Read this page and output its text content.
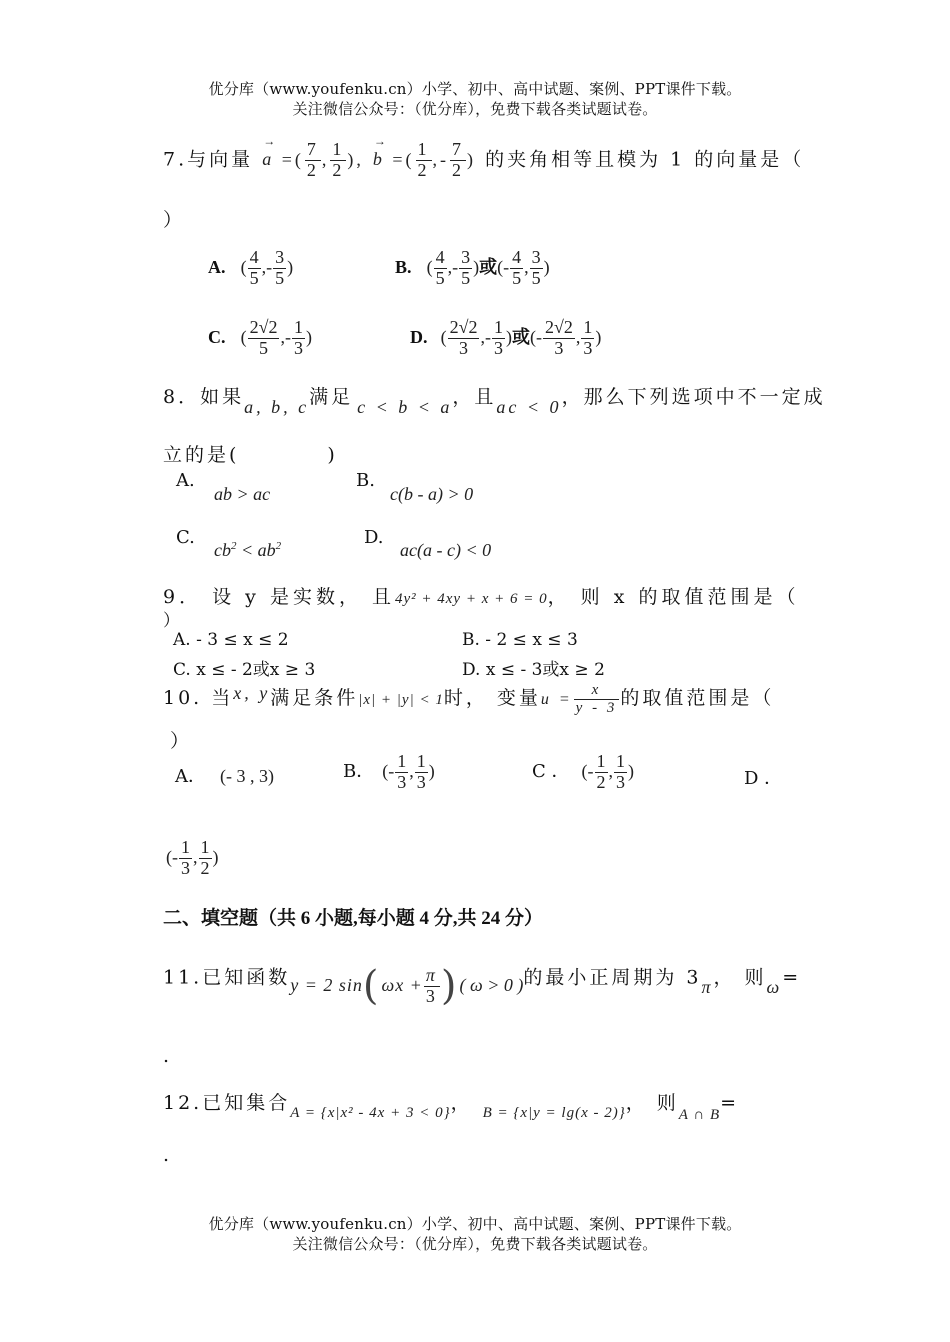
优分库（www.youfenku.cn）小学、初中、高中试题、案例、PPT课件下载。
关注微信公众号：（优分库），免费下载各类试题试卷。
7.与向量 → a =( $\frac{7}{2}$ , $\frac{1}{2}$ ), → b =( $\frac{1}{2}$ ,- $\frac{7}{2}$ ) 的夹角相等且模为 1 的向量是（
）
A. ( $\frac{4}{5}$ ,- $\frac{3}{5}$ )	B. ( $\frac{4}{5}$ ,- $\frac{3}{5}$ )或(- $\frac{4}{5}$ , $\frac{3}{5}$ )
C. ( $\frac{2√2}{5}$ ,- $\frac{1}{3}$ )	D. ( $\frac{2√2}{3}$ ,- $\frac{1}{3}$ )或(- $\frac{2√2}{3}$ , $\frac{1}{3}$ )
8．如果a, b, c满足 c < b < a，且ac < 0，那么下列选项中不一定成
立的是(　　　　)
A.
ab > ac
B.
c(b - a) > 0
C.
$cb^2 < ab^2$	D.
ac(a - c) < 0
9． 设 y 是实数， 且4y² + 4xy + x + 6 = 0， 则 x 的取值范围是（
）
A. - 3 ≤ x ≤ 2	B. - 2 ≤ x ≤ 3
C. x ≤ - 2或x ≥ 3	D. x ≤ - 3或x ≥ 2
10. 当x, y满足条件|x| + |y| < 1时， 变量$u = \frac{x}{y - 3}$ 的取值范围是（
）
A． (- 3 , 3)	B． (- $\frac{1}{3}$ , $\frac{1}{3}$ )	C ． (- $\frac{1}{2}$ , $\frac{1}{3}$ )	D ．
(- $\frac{1}{3}$ , $\frac{1}{2}$ )
二、填空题（共 6 小题,每小题 4 分,共 24 分）
11.已知函数y = 2 $\sin(\omega x + \frac{\pi}{3}$ )( ω > 0 )的最小正周期为 3π， 则ω=
.
12.已知集合$_{A = \{x|x^2 - 4x + 3 < 0\}}$， $_{B = \{x|y = lg(x - 2)\}}$， 则$_{A \cap B}$=
.
优分库（www.youfenku.cn）小学、初中、高中试题、案例、PPT课件下载。
关注微信公众号：（优分库），免费下载各类试题试卷。
